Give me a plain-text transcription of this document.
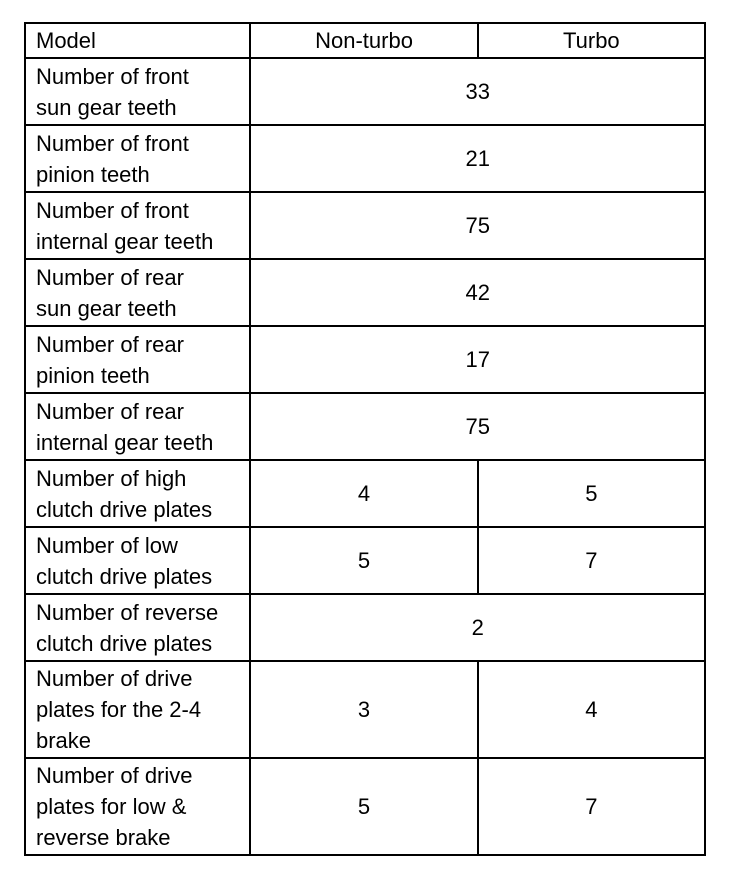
Model	Non-turbo	Turbo

Number of front
sun gear teeth	33	

Number of front
pinion teeth	21	

Number of front
internal gear teeth	75	

Number of rear
sun gear teeth	42	

Number of rear
pinion teeth	17	

Number of rear
internal gear teeth	75	

Number of high
clutch drive plates	4	5

Number of low
clutch drive plates	5	7

Number of reverse
clutch drive plates	2	

Number of drive
plates for the 2-4
brake	3	4

Number of drive
plates for low &
reverse brake	5	7
